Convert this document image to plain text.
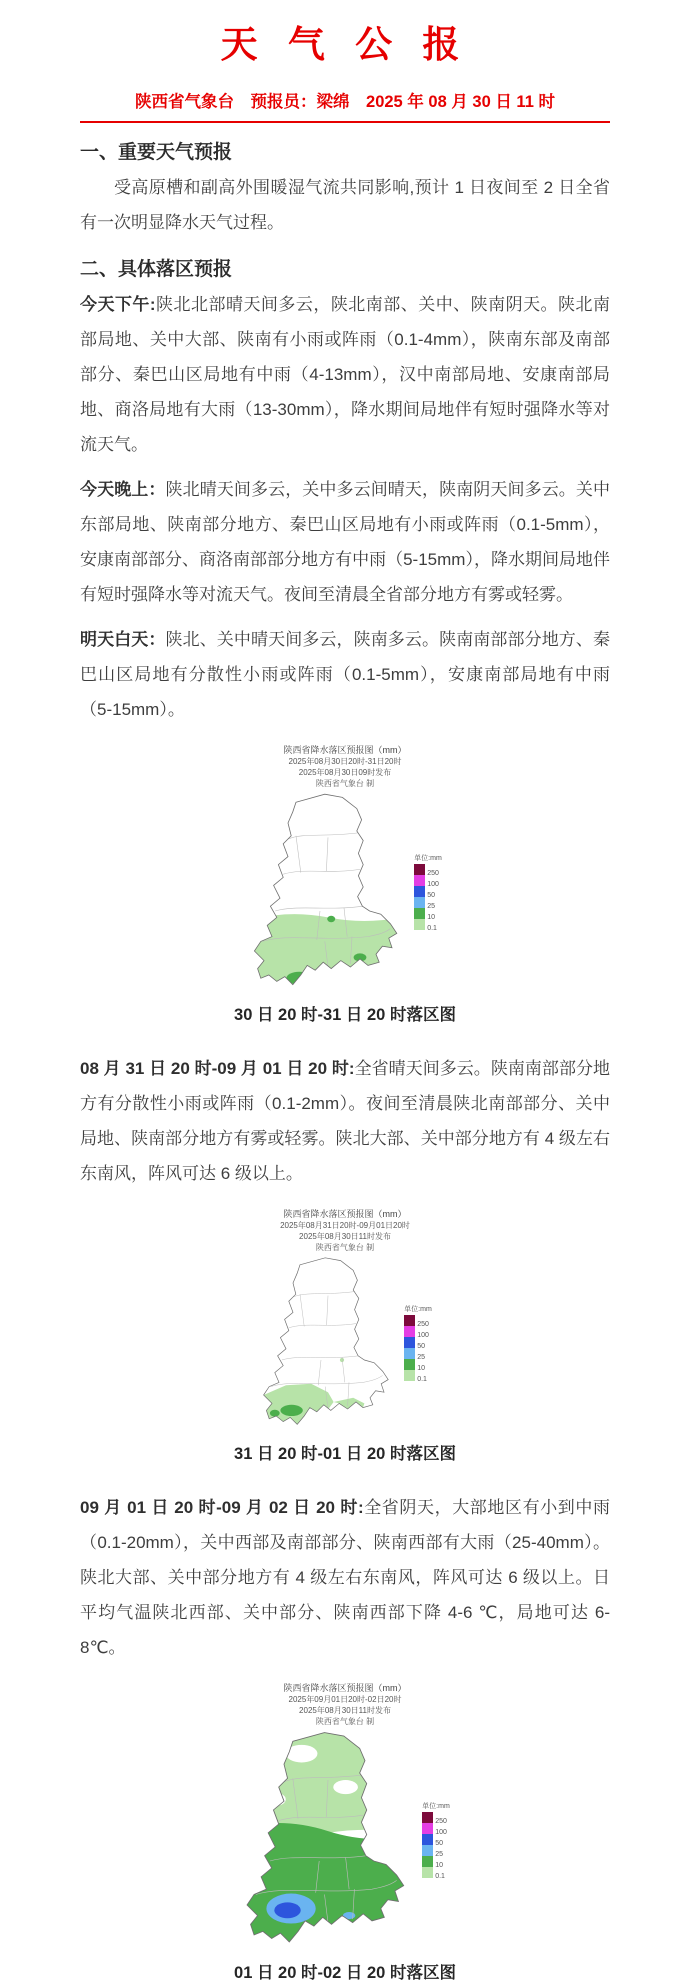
天 气 公 报
陕西省气象台　预报员：梁绵　2025 年 08 月 30 日 11 时
一、重要天气预报

受高原槽和副高外围暖湿气流共同影响,预计 1 日夜间至 2 日全省有一次明显降水天气过程。

二、具体落区预报

今天下午:陕北北部晴天间多云，陕北南部、关中、陕南阴天。陕北南部局地、关中大部、陕南有小雨或阵雨（0.1-4mm），陕南东部及南部部分、秦巴山区局地有中雨（4-13mm），汉中南部局地、安康南部局地、商洛局地有大雨（13-30mm），降水期间局地伴有短时强降水等对流天气。

今天晚上：陕北晴天间多云，关中多云间晴天，陕南阴天间多云。关中东部局地、陕南部分地方、秦巴山区局地有小雨或阵雨（0.1-5mm），安康南部部分、商洛南部部分地方有中雨（5-15mm），降水期间局地伴有短时强降水等对流天气。夜间至清晨全省部分地方有雾或轻雾。

明天白天：陕北、关中晴天间多云，陕南多云。陕南南部部分地方、秦巴山区局地有分散性小雨或阵雨（0.1-5mm），安康南部局地有中雨（5-15mm）。

陕西省降水落区预报图（mm）
2025年08月30日20时-31日20时
2025年08月30日09时发布
陕西省气象台 制
单位:mm
250
100
50
25
10
0.1
30 日 20 时-31 日 20 时落区图

08 月 31 日 20 时-09 月 01 日 20 时:全省晴天间多云。陕南南部部分地方有分散性小雨或阵雨（0.1-2mm）。夜间至清晨陕北南部部分、关中局地、陕南部分地方有雾或轻雾。陕北大部、关中部分地方有 4 级左右东南风，阵风可达 6 级以上。

陕西省降水落区预报图（mm）
2025年08月31日20时-09月01日20时
2025年08月30日11时发布
陕西省气象台 制
单位:mm
250
100
50
25
10
0.1
31 日 20 时-01 日 20 时落区图

09 月 01 日 20 时-09 月 02 日 20 时:全省阴天，大部地区有小到中雨（0.1-20mm），关中西部及南部部分、陕南西部有大雨（25-40mm）。陕北大部、关中部分地方有 4 级左右东南风，阵风可达 6 级以上。日平均气温陕北西部、关中部分、陕南西部下降 4-6 ℃，局地可达 6-8℃。

陕西省降水落区预报图（mm）
2025年09月01日20时-02日20时
2025年08月30日11时发布
陕西省气象台 制
单位:mm
250
100
50
25
10
0.1
01 日 20 时-02 日 20 时落区图
